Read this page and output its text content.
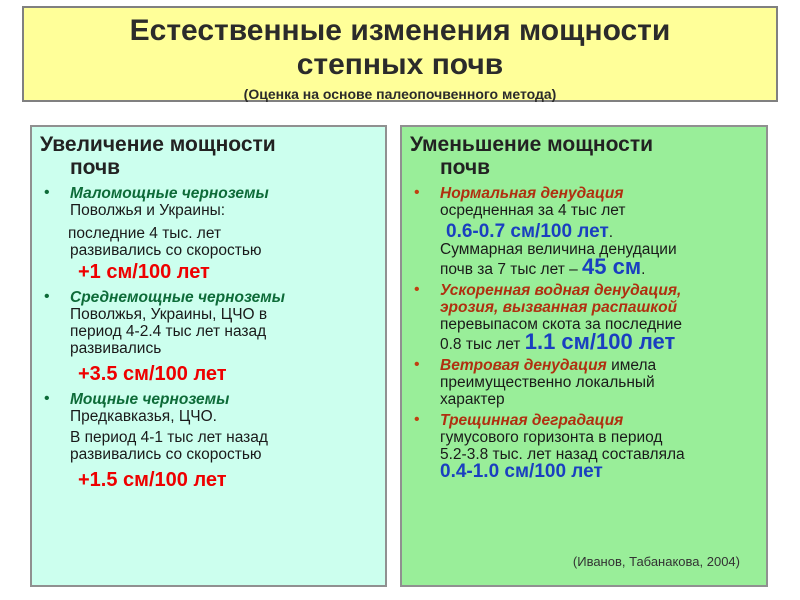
Естественные изменения мощности
степных почв
(Оценка на основе палеопочвенного метода)
Увеличение мощности
почв
• Маломощные черноземы
Поволжья и Украины:
последние 4 тыс. лет
развивались со скоростью
+1 см/100 лет
• Среднемощные черноземы
Поволжья, Украины, ЦЧО в
период 4-2.4 тыс лет назад
развивались
+3.5 см/100 лет
• Мощные черноземы
Предкавказья, ЦЧО.
В период 4-1 тыс лет назад
развивались со скоростью
+1.5 см/100 лет
Уменьшение мощности
почв
• Нормальная денудация
осредненная за 4 тыс лет
0.6-0.7 см/100 лет.
Суммарная величина денудации
почв за 7 тыс лет – 45 см.
• Ускоренная водная денудация,
эрозия, вызванная распашкой
перевыпасом скота за последние
0.8 тыс лет 1.1 см/100 лет
• Ветровая денудация имела
преимущественно локальный
характер
• Трещинная деградация
гумусового горизонта в период
5.2-3.8 тыс. лет назад составляла
0.4-1.0 см/100 лет
(Иванов, Табанакова, 2004)
